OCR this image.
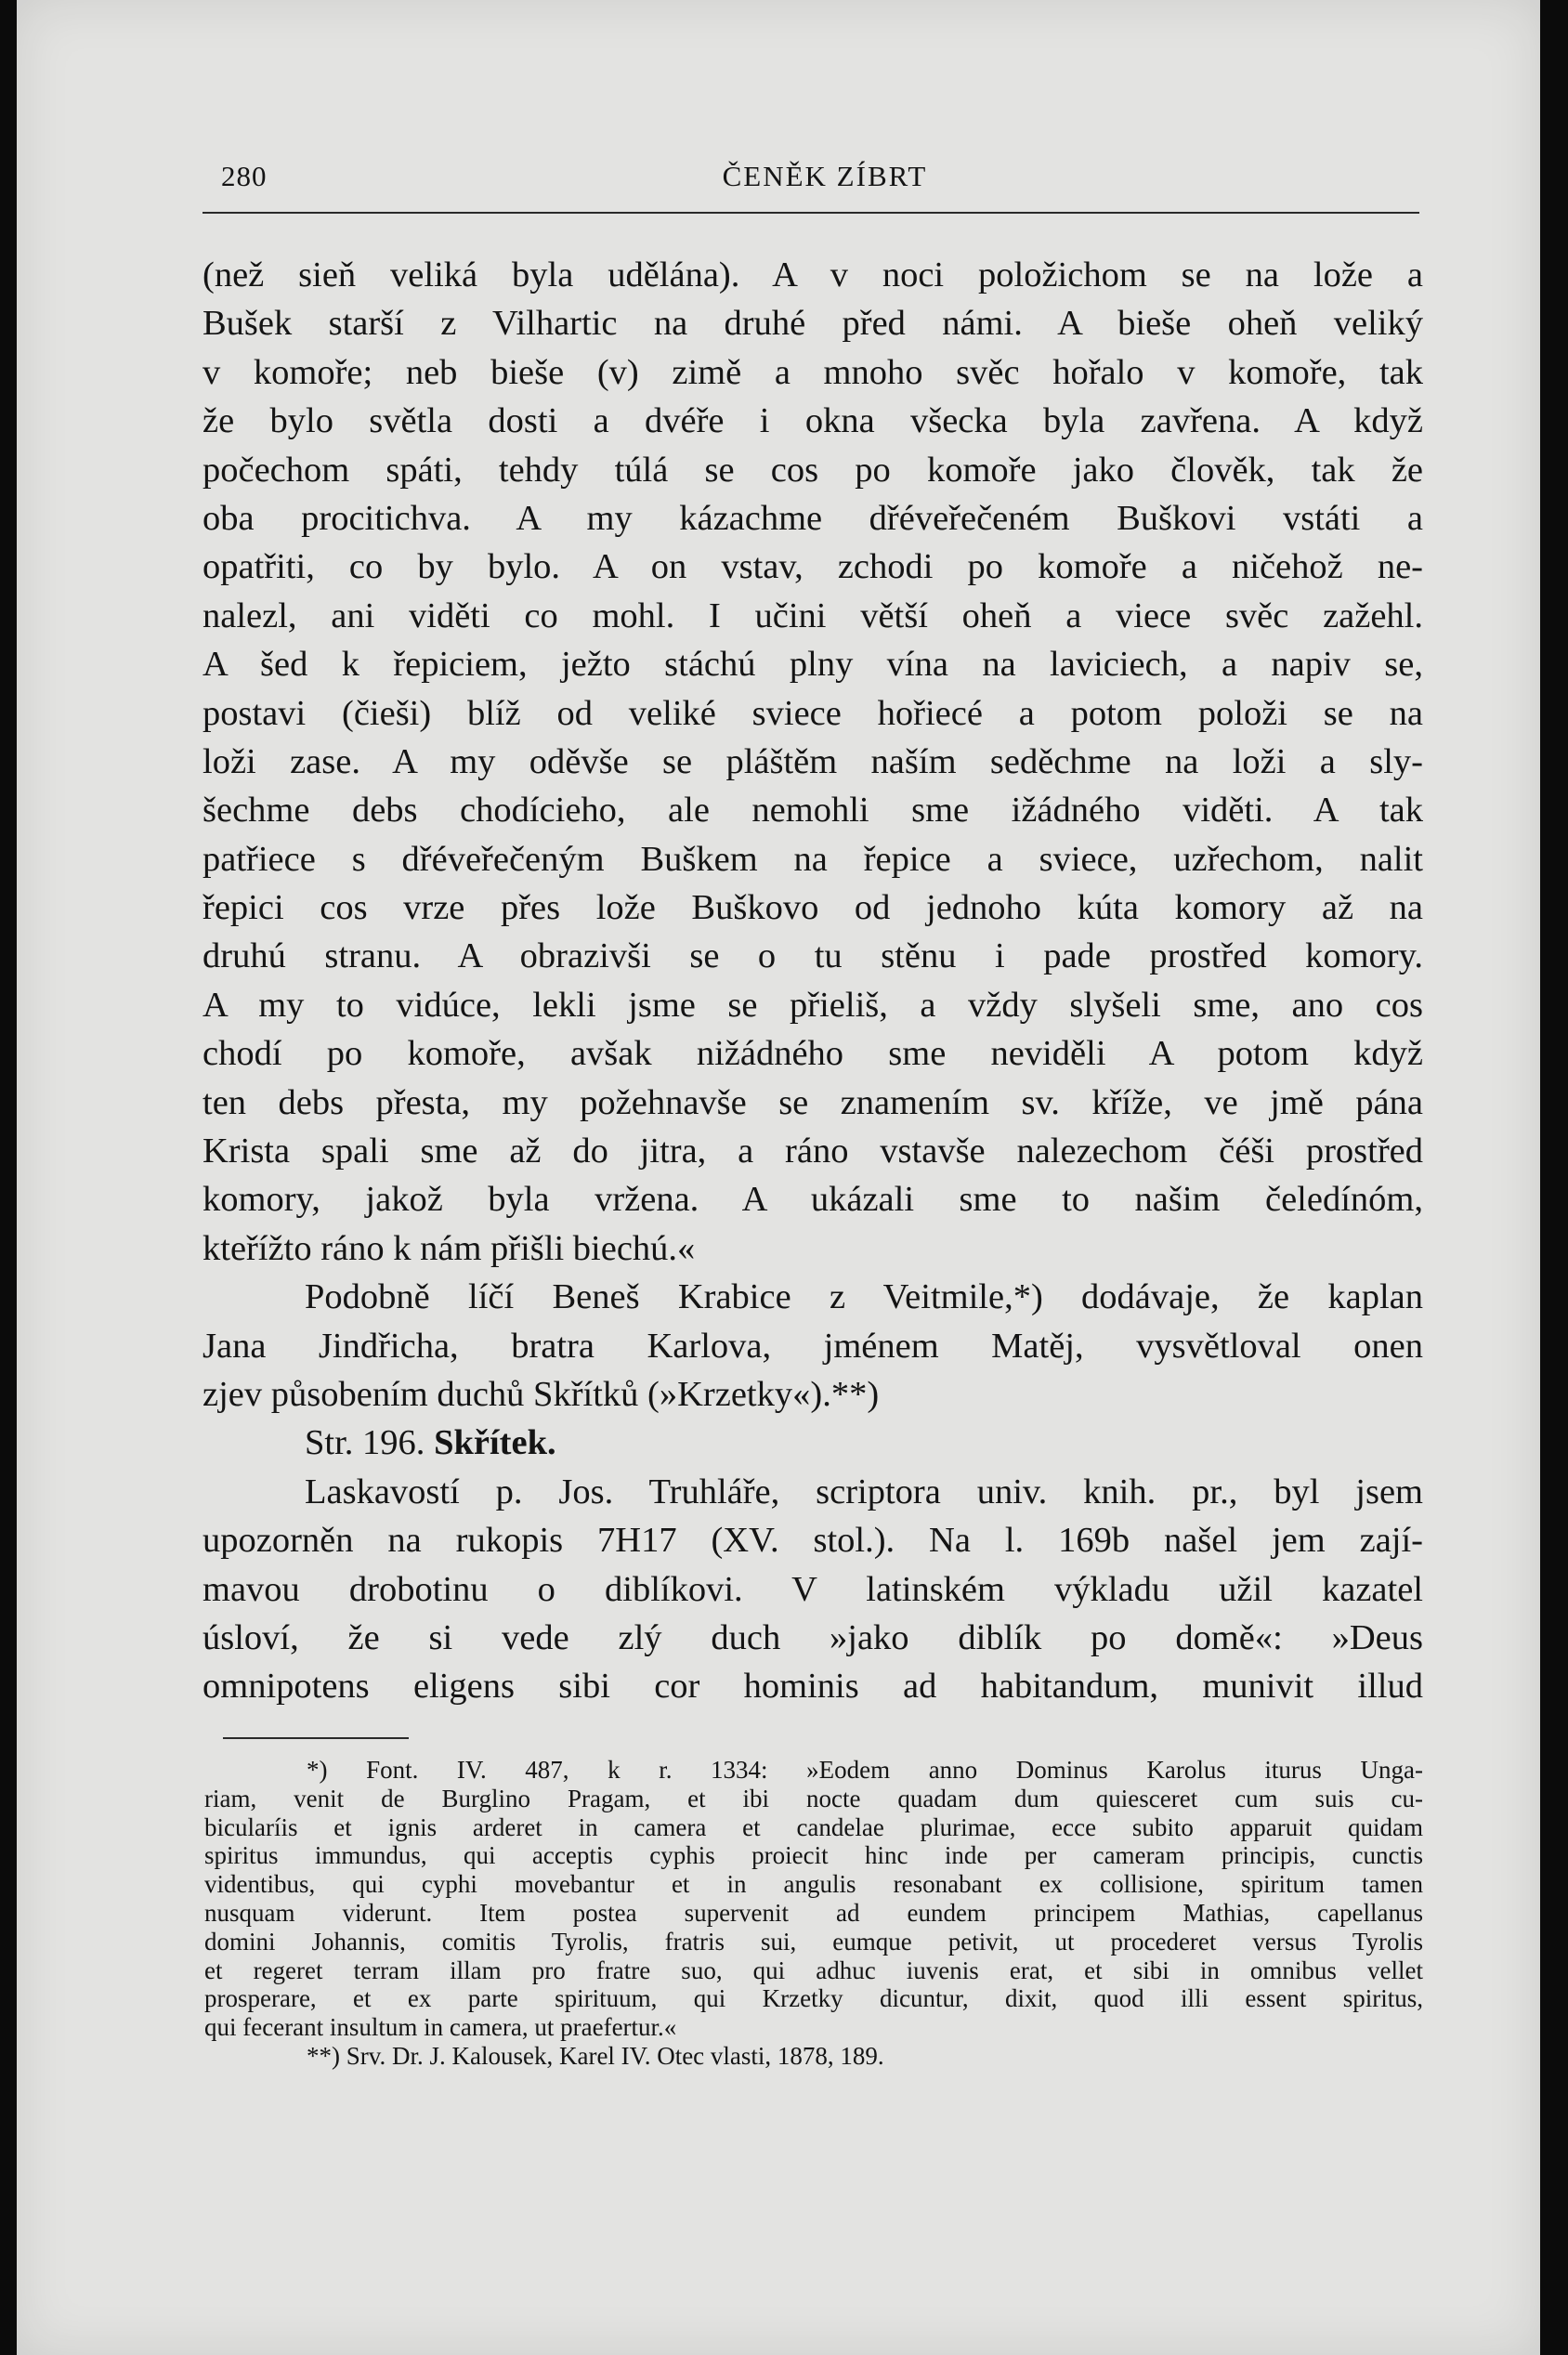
280	ČENĚK ZÍBRT
(než sieň veliká byla udělána). A v noci položichom se na lože a
Bušek starší z Vilhartic na druhé před námi. A bieše oheň veliký
v komoře; neb bieše (v) zimě a mnoho svěc hořalo v komoře, tak
že bylo světla dosti a dvéře i okna všecka byla zavřena. A když
počechom spáti, tehdy túlá se cos po komoře jako člověk, tak že
oba procitichva. A my kázachme dřéveřečeném Buškovi vstáti a
opatřiti, co by bylo. A on vstav, zchodi po komoře a ničehož ne-
nalezl, ani viděti co mohl. I učini větší oheň a viece svěc zažehl.
A šed k řepiciem, ježto stáchú plny vína na laviciech, a napiv se,
postavi (čieši) blíž od veliké sviece hořiecé a potom položi se na
loži zase. A my oděvše se pláštěm naším seděchme na loži a sly-
šechme debs chodícieho, ale nemohli sme ižádného viděti. A tak
patřiece s dřéveřečeným Buškem na řepice a sviece, uzřechom, nalit
řepici cos vrze přes lože Buškovo od jednoho kúta komory až na
druhú stranu. A obrazivši se o tu stěnu i pade prostřed komory.
A my to vidúce, lekli jsme se přieliš, a vždy slyšeli sme, ano cos
chodí po komoře, avšak nižádného sme neviděli A potom když
ten debs přesta, my požehnavše se znamením sv. kříže, ve jmě pána
Krista spali sme až do jitra, a ráno vstavše nalezechom čéši prostřed
komory, jakož byla vržena. A ukázali sme to našim čeledínóm,
kteřížto ráno k nám přišli biechú.«
Podobně líčí Beneš Krabice z Veitmile,*) dodávaje, že kaplan
Jana Jindřicha, bratra Karlova, jménem Matěj, vysvětloval onen
zjev působením duchů Skřítků (»Krzetky«).**)
Str. 196. Skřítek.
Laskavostí p. Jos. Truhláře, scriptora univ. knih. pr., byl jsem
upozorněn na rukopis 7H17 (XV. stol.). Na l. 169b našel jem zají-
mavou drobotinu o diblíkovi. V latinském výkladu užil kazatel
úsloví, že si vede zlý duch »jako diblík po domě«: »Deus
omnipotens eligens sibi cor hominis ad habitandum, munivit illud
*) Font. IV. 487, k r. 1334: »Eodem anno Dominus Karolus iturus Unga-
riam, venit de Burglino Pragam, et ibi nocte quadam dum quiesceret cum suis cu-
bicularíis et ignis arderet in camera et candelae plurimae, ecce subito apparuit quidam
spiritus immundus, qui acceptis cyphis proiecit hinc inde per cameram principis, cunctis
videntibus, qui cyphi movebantur et in angulis resonabant ex collisione, spiritum tamen
nusquam viderunt. Item postea supervenit ad eundem principem Mathias, capellanus
domini Johannis, comitis Tyrolis, fratris sui, eumque petivit, ut procederet versus Tyrolis
et regeret terram illam pro fratre suo, qui adhuc iuvenis erat, et sibi in omnibus vellet
prosperare, et ex parte spirituum, qui Krzetky dicuntur, dixit, quod illi essent spiritus,
qui fecerant insultum in camera, ut praefertur.«
**) Srv. Dr. J. Kalousek, Karel IV. Otec vlasti, 1878, 189.
